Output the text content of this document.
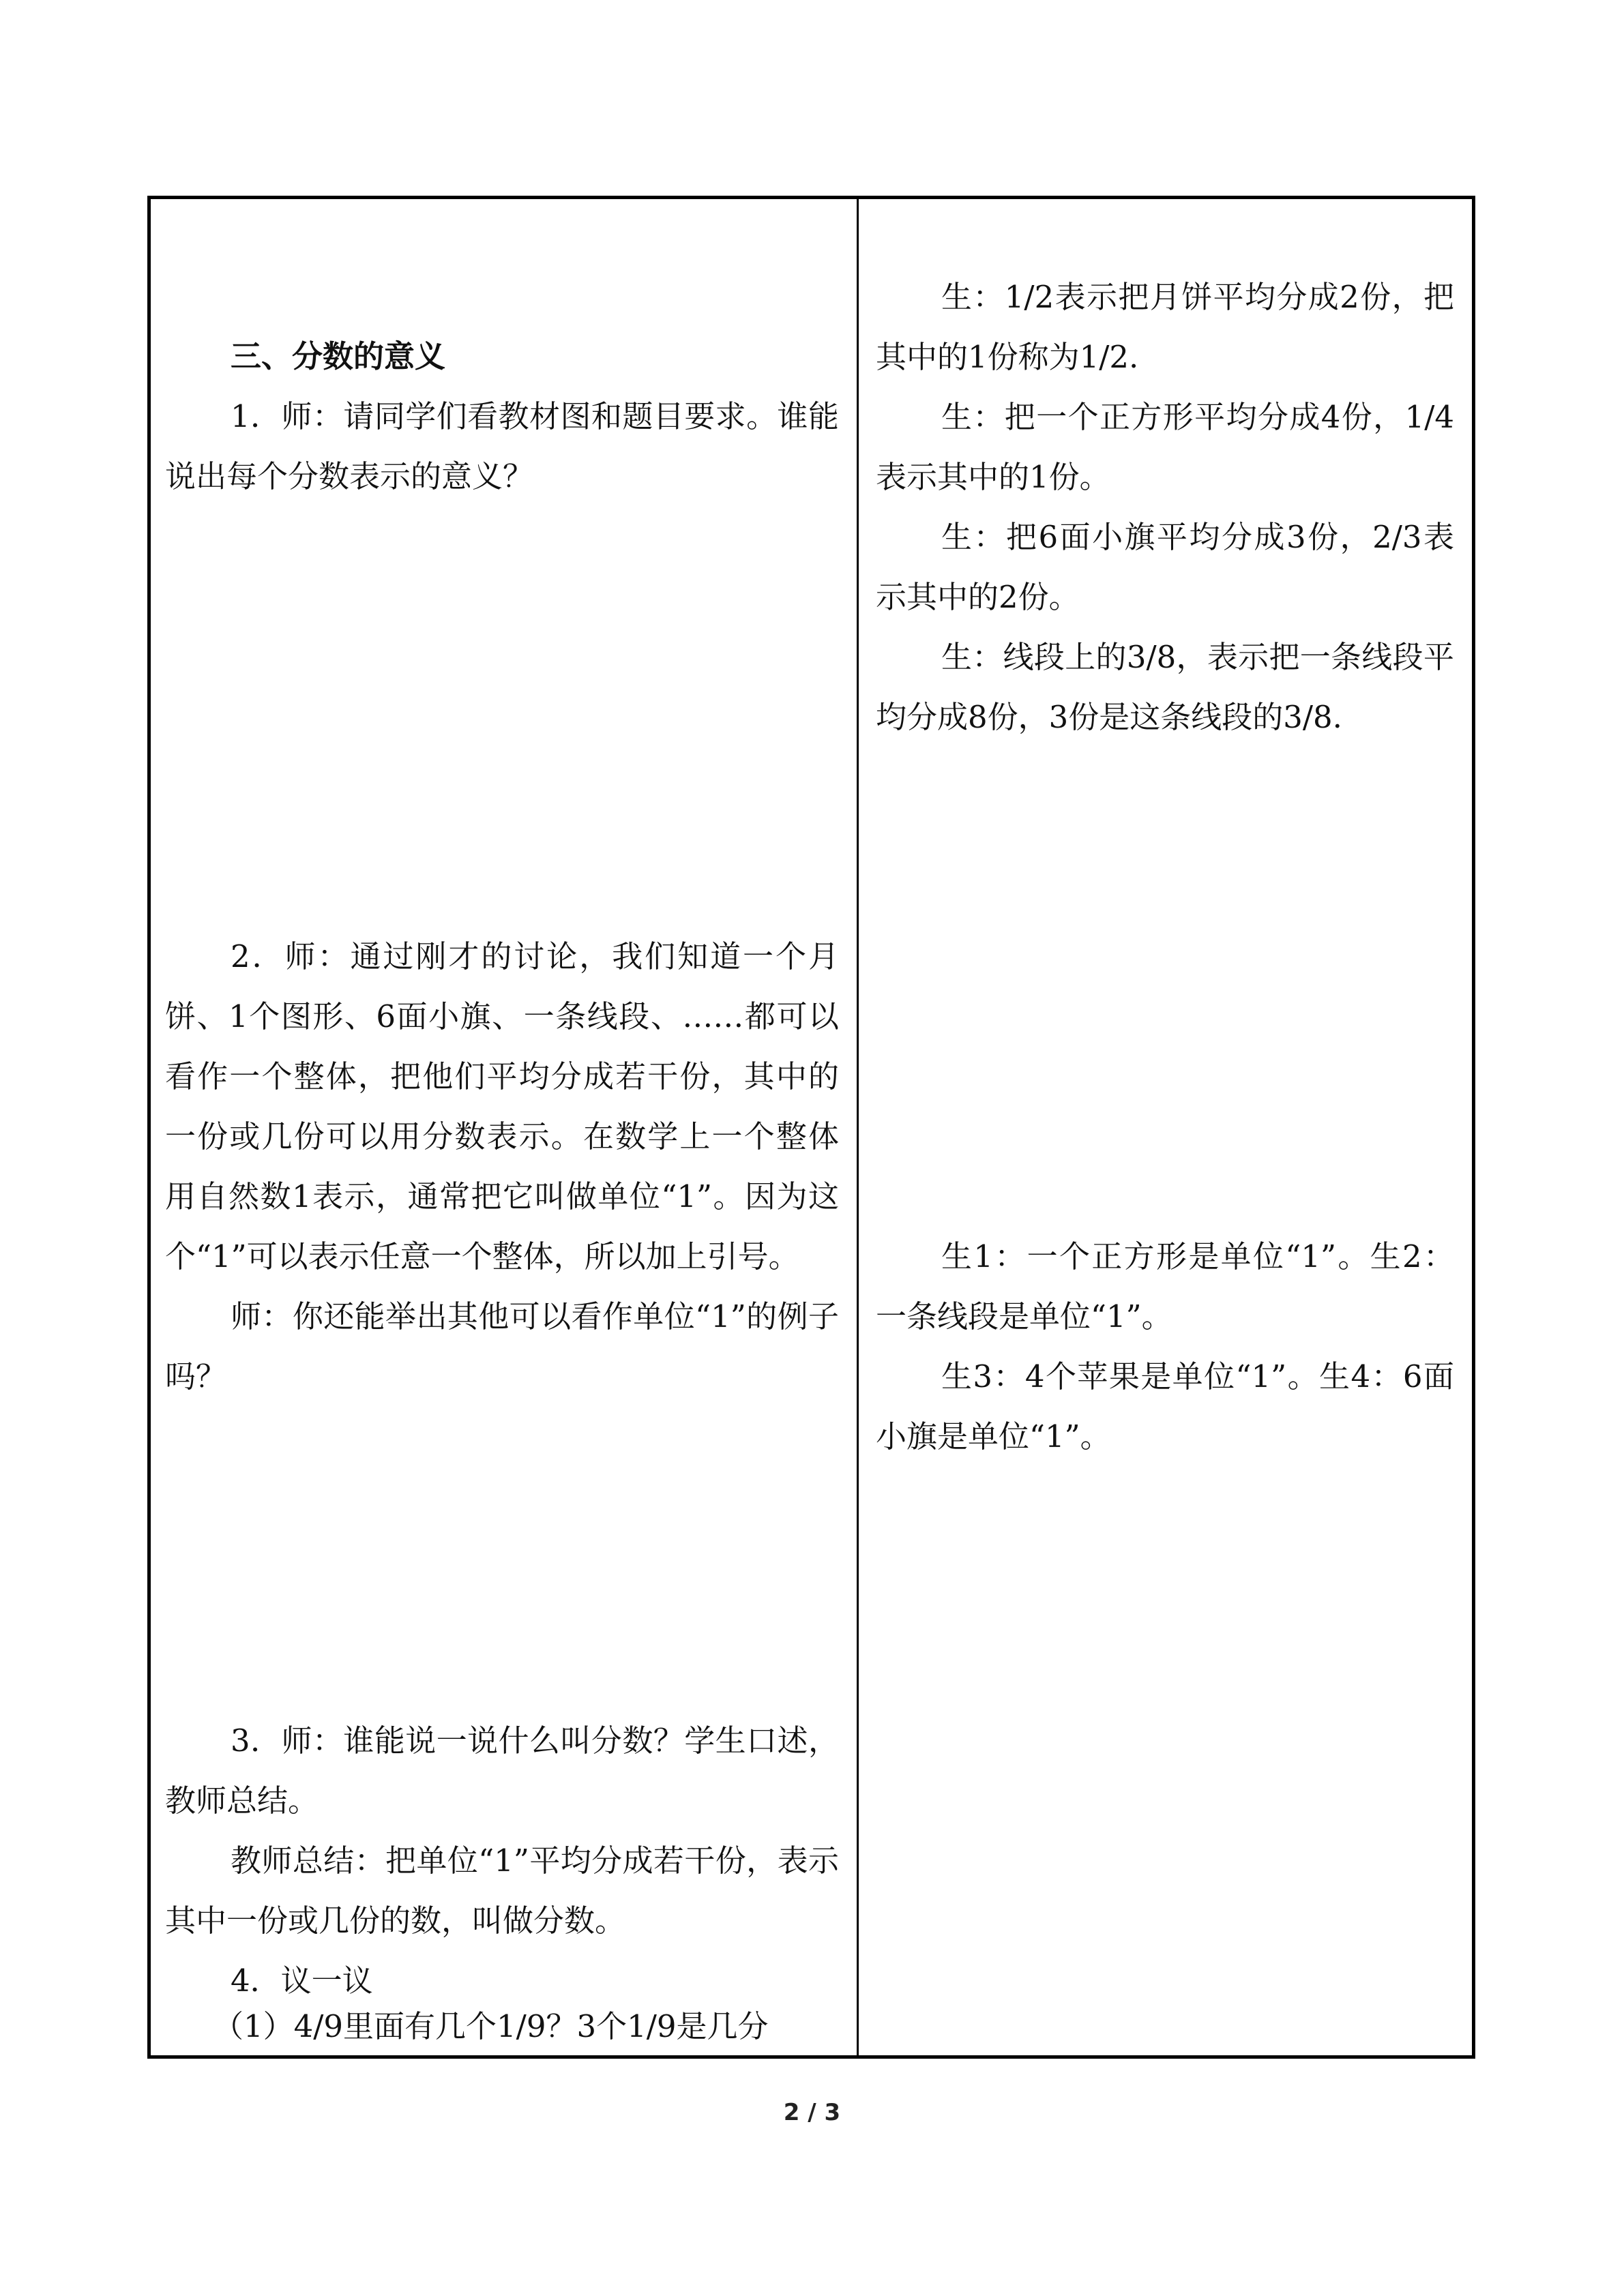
三、分数的意义

1．师：请同学们看教材图和题目要求。谁能说出每个分数表示的意义？

2．师：通过刚才的讨论，我们知道一个月饼、1个图形、6面小旗、一条线段、……都可以看作一个整体，把他们平均分成若干份，其中的一份或几份可以用分数表示。在数学上一个整体用自然数1表示，通常把它叫做单位“1”。因为这个“1”可以表示任意一个整体，所以加上引号。

师：你还能举出其他可以看作单位“1”的例子吗？

3．师：谁能说一说什么叫分数？学生口述，教师总结。

教师总结：把单位“1”平均分成若干份，表示其中一份或几份的数，叫做分数。

4．议一议

（1）4/9里面有几个1/9？3个1/9是几分

生：1/2表示把月饼平均分成2份，把其中的1份称为1/2.

生：把一个正方形平均分成4份，1/4表示其中的1份。

生：把6面小旗平均分成3份，2/3表示其中的2份。

生：线段上的3/8，表示把一条线段平均分成8份，3份是这条线段的3/8.

生1：一个正方形是单位“1”。生2：一条线段是单位“1”。

生3：4个苹果是单位“1”。生4：6面小旗是单位“1”。

2 / 3
